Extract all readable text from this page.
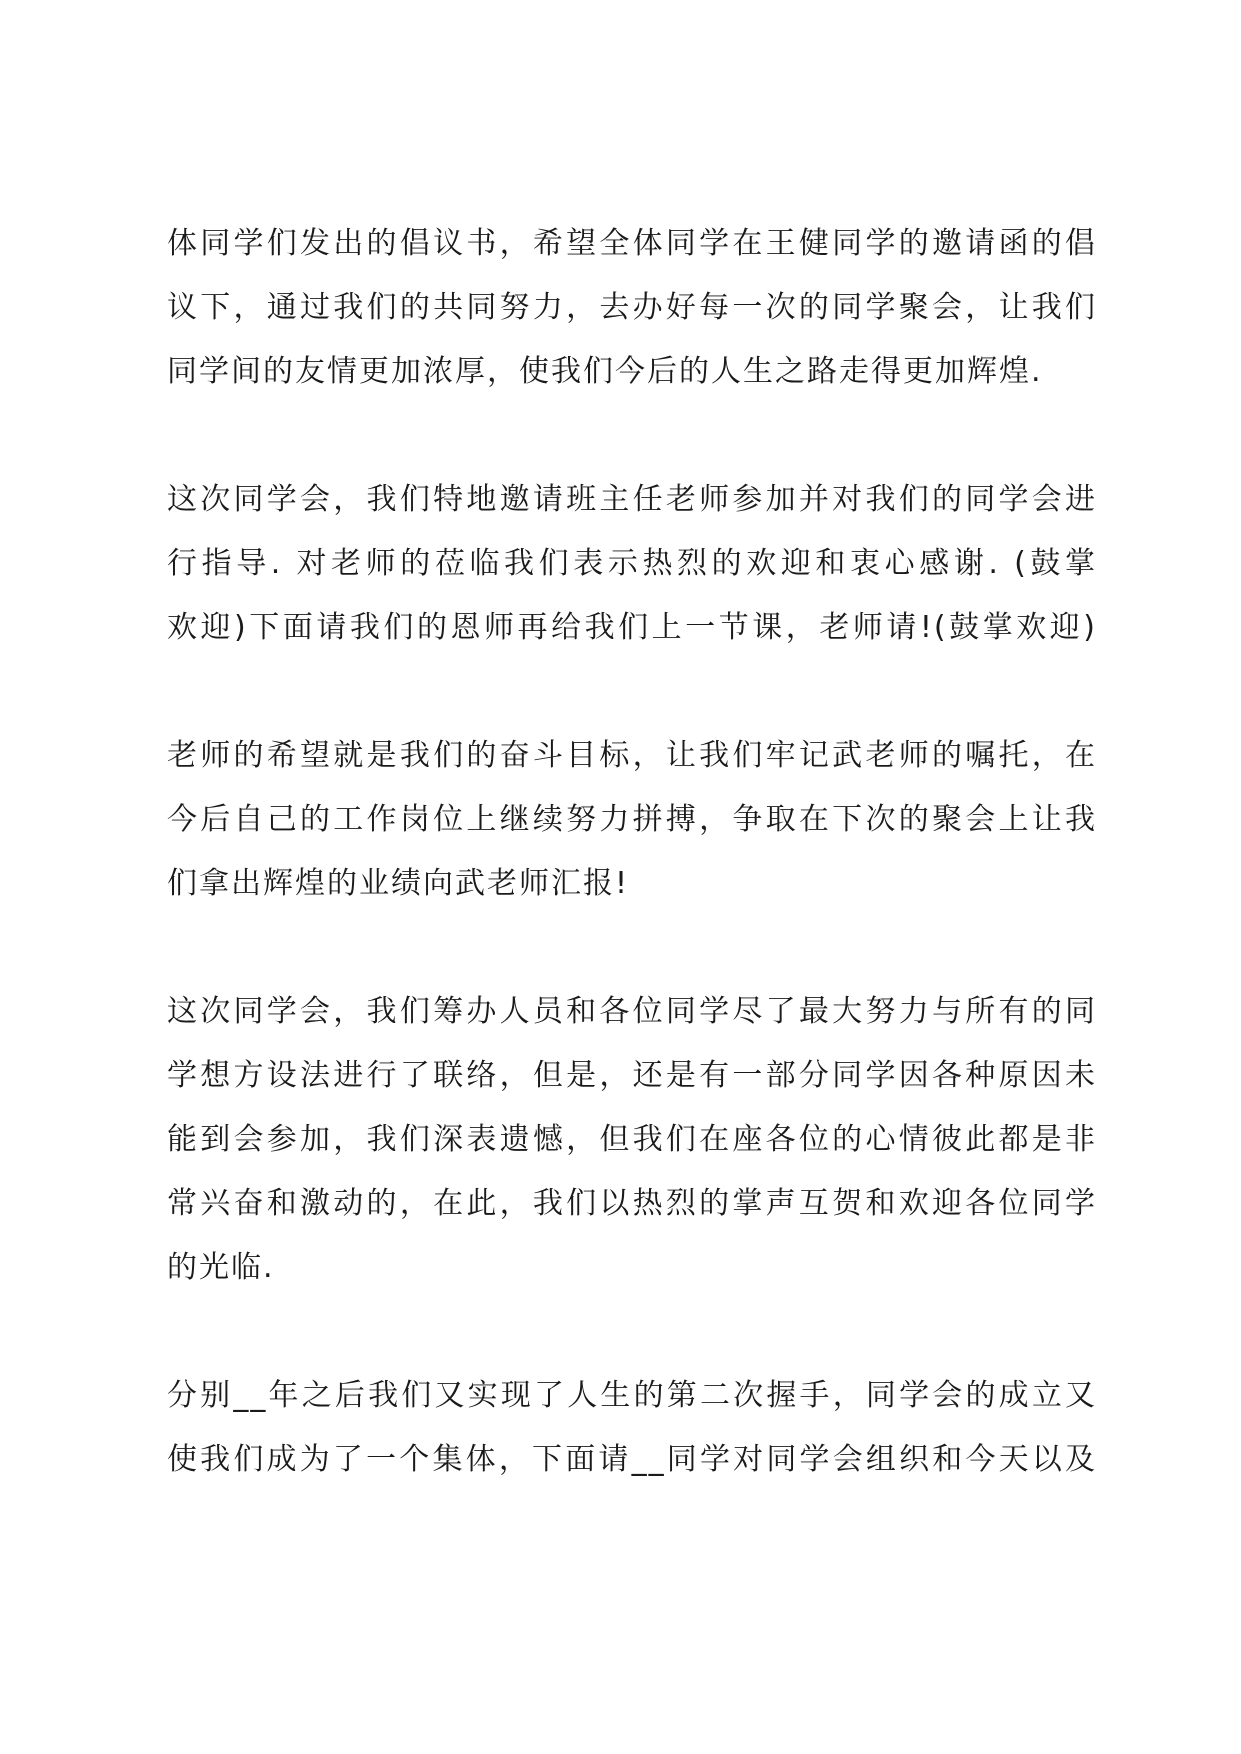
体同学们发出的倡议书，希望全体同学在王健同学的邀请函的倡
议下，通过我们的共同努力，去办好每一次的同学聚会，让我们
同学间的友情更加浓厚，使我们今后的人生之路走得更加辉煌.

这次同学会，我们特地邀请班主任老师参加并对我们的同学会进
行指导. 对老师的莅临我们表示热烈的欢迎和衷心感谢. (鼓掌
欢迎)下面请我们的恩师再给我们上一节课，老师请!(鼓掌欢迎)

老师的希望就是我们的奋斗目标，让我们牢记武老师的嘱托，在
今后自己的工作岗位上继续努力拼搏，争取在下次的聚会上让我
们拿出辉煌的业绩向武老师汇报!

这次同学会，我们筹办人员和各位同学尽了最大努力与所有的同
学想方设法进行了联络，但是，还是有一部分同学因各种原因未
能到会参加，我们深表遗憾，但我们在座各位的心情彼此都是非
常兴奋和激动的，在此，我们以热烈的掌声互贺和欢迎各位同学
的光临.

分别__年之后我们又实现了人生的第二次握手，同学会的成立又
使我们成为了一个集体，下面请__同学对同学会组织和今天以及
